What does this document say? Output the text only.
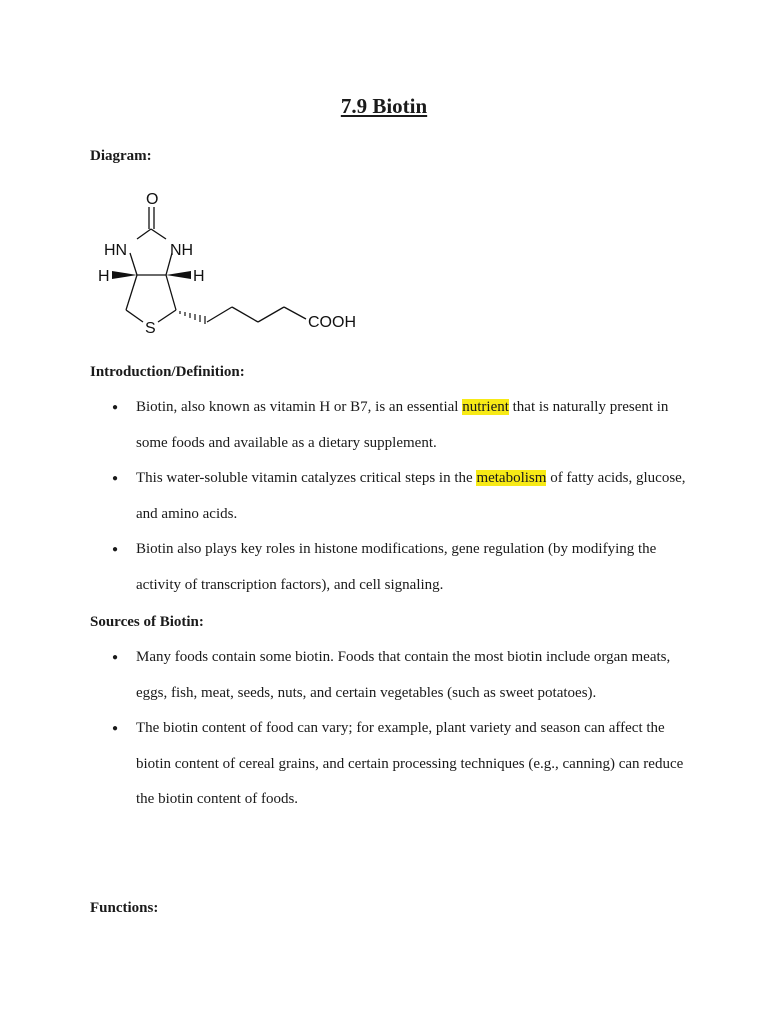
7.9 Biotin
Diagram:
O
HN	NH
H	H
S	COOH
Introduction/Definition:
● Biotin, also known as vitamin H or B7, is an essential nutrient that is naturally present in some foods and available as a dietary supplement.
● This water-soluble vitamin catalyzes critical steps in the metabolism of fatty acids, glucose, and amino acids.
● Biotin also plays key roles in histone modifications, gene regulation (by modifying the activity of transcription factors), and cell signaling.
Sources of Biotin:
● Many foods contain some biotin. Foods that contain the most biotin include organ meats, eggs, fish, meat, seeds, nuts, and certain vegetables (such as sweet potatoes).
● The biotin content of food can vary; for example, plant variety and season can affect the biotin content of cereal grains, and certain processing techniques (e.g., canning) can reduce the biotin content of foods.
Functions:
